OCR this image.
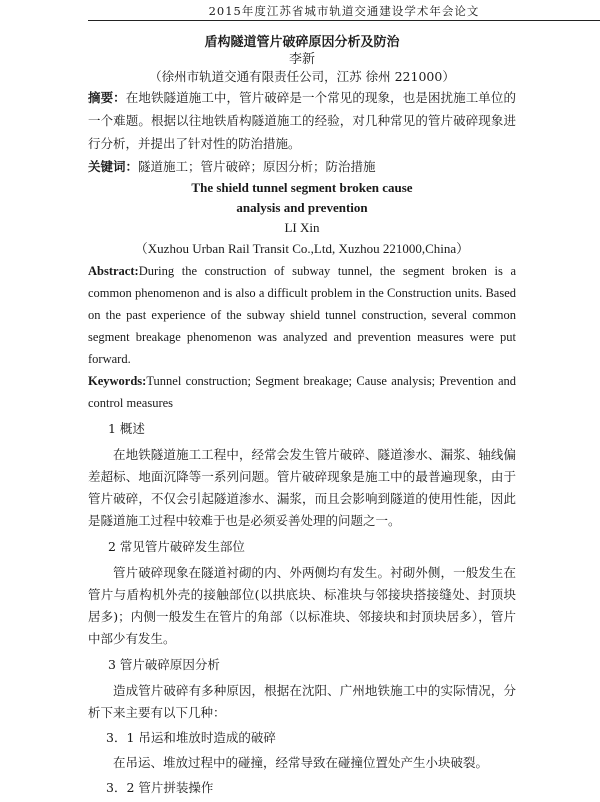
2015年度江苏省城市轨道交通建设学术年会论文
盾构隧道管片破碎原因分析及防治
李新
（徐州市轨道交通有限责任公司，江苏 徐州 221000）

摘要：在地铁隧道施工中，管片破碎是一个常见的现象，也是困扰施工单位的一个难题。根据以往地铁盾构隧道施工的经验，对几种常见的管片破碎现象进行分析，并提出了针对性的防治措施。

关键词：隧道施工；管片破碎；原因分析；防治措施

The shield tunnel segment broken cause
analysis and prevention
LI Xin
（Xuzhou Urban Rail Transit Co.,Ltd, Xuzhou 221000,China）

Abstract:During the construction of subway tunnel, the segment broken is a common phenomenon and is also a difficult problem in the Construction units. Based on the past experience of the subway shield tunnel construction, several common segment breakage phenomenon was analyzed and prevention measures were put forward.

Keywords:Tunnel construction; Segment breakage; Cause analysis; Prevention and control measures

1 概述

在地铁隧道施工工程中，经常会发生管片破碎、隧道渗水、漏浆、轴线偏差超标、地面沉降等一系列问题。管片破碎现象是施工中的最普遍现象，由于管片破碎，不仅会引起隧道渗水、漏浆，而且会影响到隧道的使用性能，因此是隧道施工过程中较难于也是必须妥善处理的问题之一。

2 常见管片破碎发生部位

管片破碎现象在隧道衬砌的内、外两侧均有发生。衬砌外侧，一般发生在管片与盾构机外壳的接触部位(以拱底块、标准块与邻接块搭接缝处、封顶块居多)；内侧一般发生在管片的角部（以标准块、邻接块和封顶块居多），管片中部少有发生。

3 管片破碎原因分析

造成管片破碎有多种原因，根据在沈阳、广州地铁施工中的实际情况，分析下来主要有以下几种：

3．1 吊运和堆放时造成的破碎

在吊运、堆放过程中的碰撞，经常导致在碰撞位置处产生小块破裂。

3．2 管片拼装操作
